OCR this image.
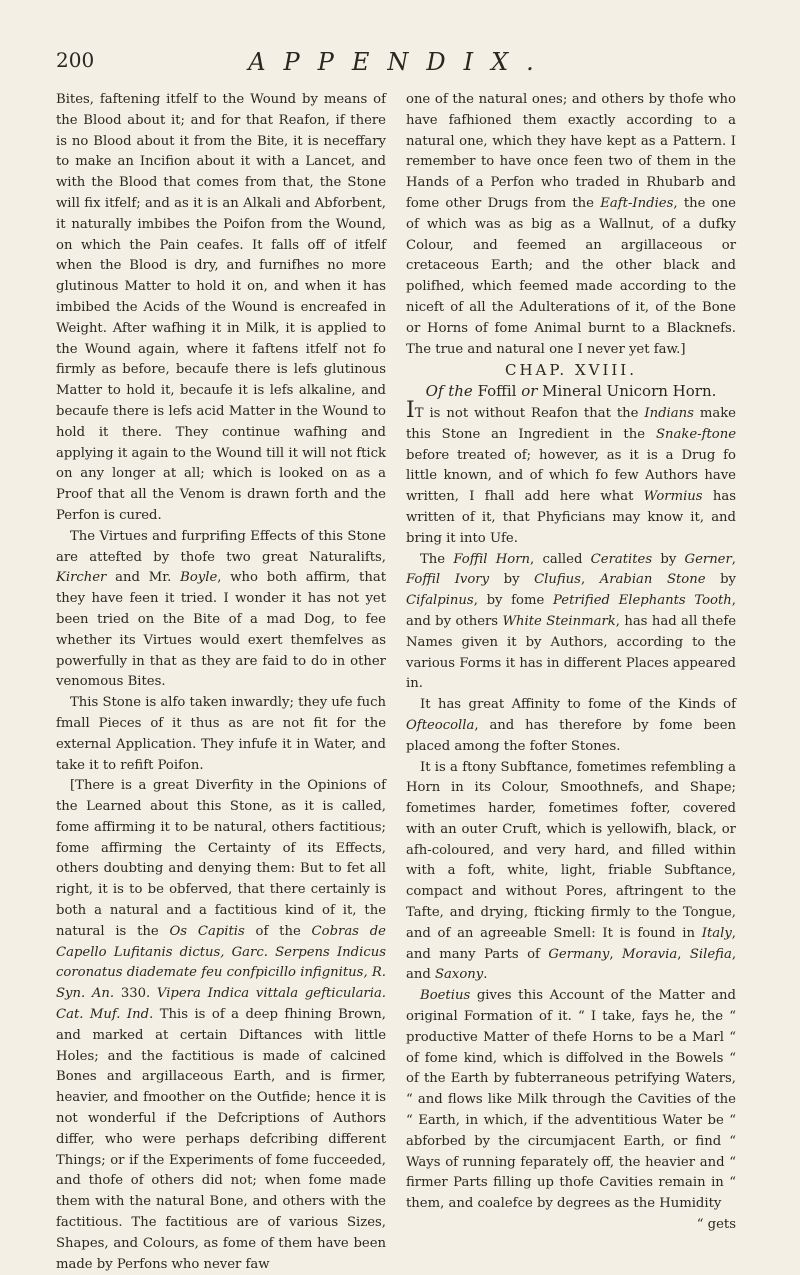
200	APPENDIX.

Bites, faftening itfelf to the Wound by means of the Blood about it; and for that Reafon, if there is no Blood about it from the Bite, it is neceffary to make an Incifion about it with a Lancet, and with the Blood that comes from that, the Stone will fix itfelf; and as it is an Alkali and Abforbent, it naturally imbibes the Poifon from the Wound, on which the Pain ceafes. It falls off of itfelf when the Blood is dry, and furnifhes no more glutinous Matter to hold it on, and when it has imbibed the Acids of the Wound is encreafed in Weight. After wafhing it in Milk, it is applied to the Wound again, where it faftens itfelf not fo firmly as before, becaufe there is lefs glutinous Matter to hold it, becaufe it is lefs alkaline, and becaufe there is lefs acid Matter in the Wound to hold it there. They continue wafhing and applying it again to the Wound till it will not ftick on any longer at all; which is looked on as a Proof that all the Venom is drawn forth and the Perfon is cured.

The Virtues and furprifing Effects of this Stone are attefted by thofe two great Naturalifts, Kircher and Mr. Boyle, who both affirm, that they have feen it tried. I wonder it has not yet been tried on the Bite of a mad Dog, to fee whether its Virtues would exert themfelves as powerfully in that as they are faid to do in other venomous Bites.

This Stone is alfo taken inwardly; they ufe fuch fmall Pieces of it thus as are not fit for the external Application. They infufe it in Water, and take it to refift Poifon.

[There is a great Diverfity in the Opinions of the Learned about this Stone, as it is called, fome affirming it to be natural, others factitious; fome affirming the Certainty of its Effects, others doubting and denying them: But to fet all right, it is to be obferved, that there certainly is both a natural and a factitious kind of it, the natural is the Os Capitis of the Cobras de Capello Lufitanis dictus, Garc. Serpens Indicus coronatus diademate feu confpicillo infignitus, R. Syn. An. 330. Vipera Indica vittala gefticularia. Cat. Muf. Ind. This is of a deep fhining Brown, and marked at certain Diftances with little Holes; and the factitious is made of calcined Bones and argillaceous Earth, and is firmer, heavier, and fmoother on the Outfide; hence it is not wonderful if the Defcriptions of Authors differ, who were perhaps defcribing different Things; or if the Experiments of fome fucceeded, and thofe of others did not; when fome made them with the natural Bone, and others with the factitious. The factitious are of various Sizes, Shapes, and Colours, as fome of them have been made by Perfons who never faw

one of the natural ones; and others by thofe who have fafhioned them exactly according to a natural one, which they have kept as a Pattern. I remember to have once feen two of them in the Hands of a Perfon who traded in Rhubarb and fome other Drugs from the Eaft-Indies, the one of which was as big as a Wallnut, of a dufky Colour, and feemed an argillaceous or cretaceous Earth; and the other black and polifhed, which feemed made according to the niceft of all the Adulterations of it, of the Bone or Horns of fome Animal burnt to a Blacknefs. The true and natural one I never yet faw.]

CHAP. XVIII.

Of the Foffil or Mineral Unicorn Horn.

IT is not without Reafon that the Indians make this Stone an Ingredient in the Snake-ftone before treated of; however, as it is a Drug fo little known, and of which fo few Authors have written, I fhall add here what Wormius has written of it, that Phyficians may know it, and bring it into Ufe.

The Foffil Horn, called Ceratites by Gerner, Foffil Ivory by Clufius, Arabian Stone by Cifalpinus, by fome Petrified Elephants Tooth, and by others White Steinmark, has had all thefe Names given it by Authors, according to the various Forms it has in different Places appeared in.

It has great Affinity to fome of the Kinds of Ofteocolla, and has therefore by fome been placed among the fofter Stones.

It is a ftony Subftance, fometimes refembling a Horn in its Colour, Smoothnefs, and Shape; fometimes harder, fometimes fofter, covered with an outer Cruft, which is yellowifh, black, or afh-coloured, and very hard, and filled within with a foft, white, light, friable Subftance, compact and without Pores, aftringent to the Tafte, and drying, fticking firmly to the Tongue, and of an agreeable Smell: It is found in Italy, and many Parts of Germany, Moravia, Silefia, and Saxony.

Boetius gives this Account of the Matter and original Formation of it. “ I take, fays he, the “ productive Matter of thefe Horns to be a Marl “ of fome kind, which is diffolved in the Bowels “ of the Earth by fubterraneous petrifying Waters, “ and flows like Milk through the Cavities of the “ Earth, in which, if the adventitious Water be “ abforbed by the circumjacent Earth, or find “ Ways of running feparately off, the heavier and “ firmer Parts filling up thofe Cavities remain in “ them, and coalefce by degrees as the Humidity

“ gets
